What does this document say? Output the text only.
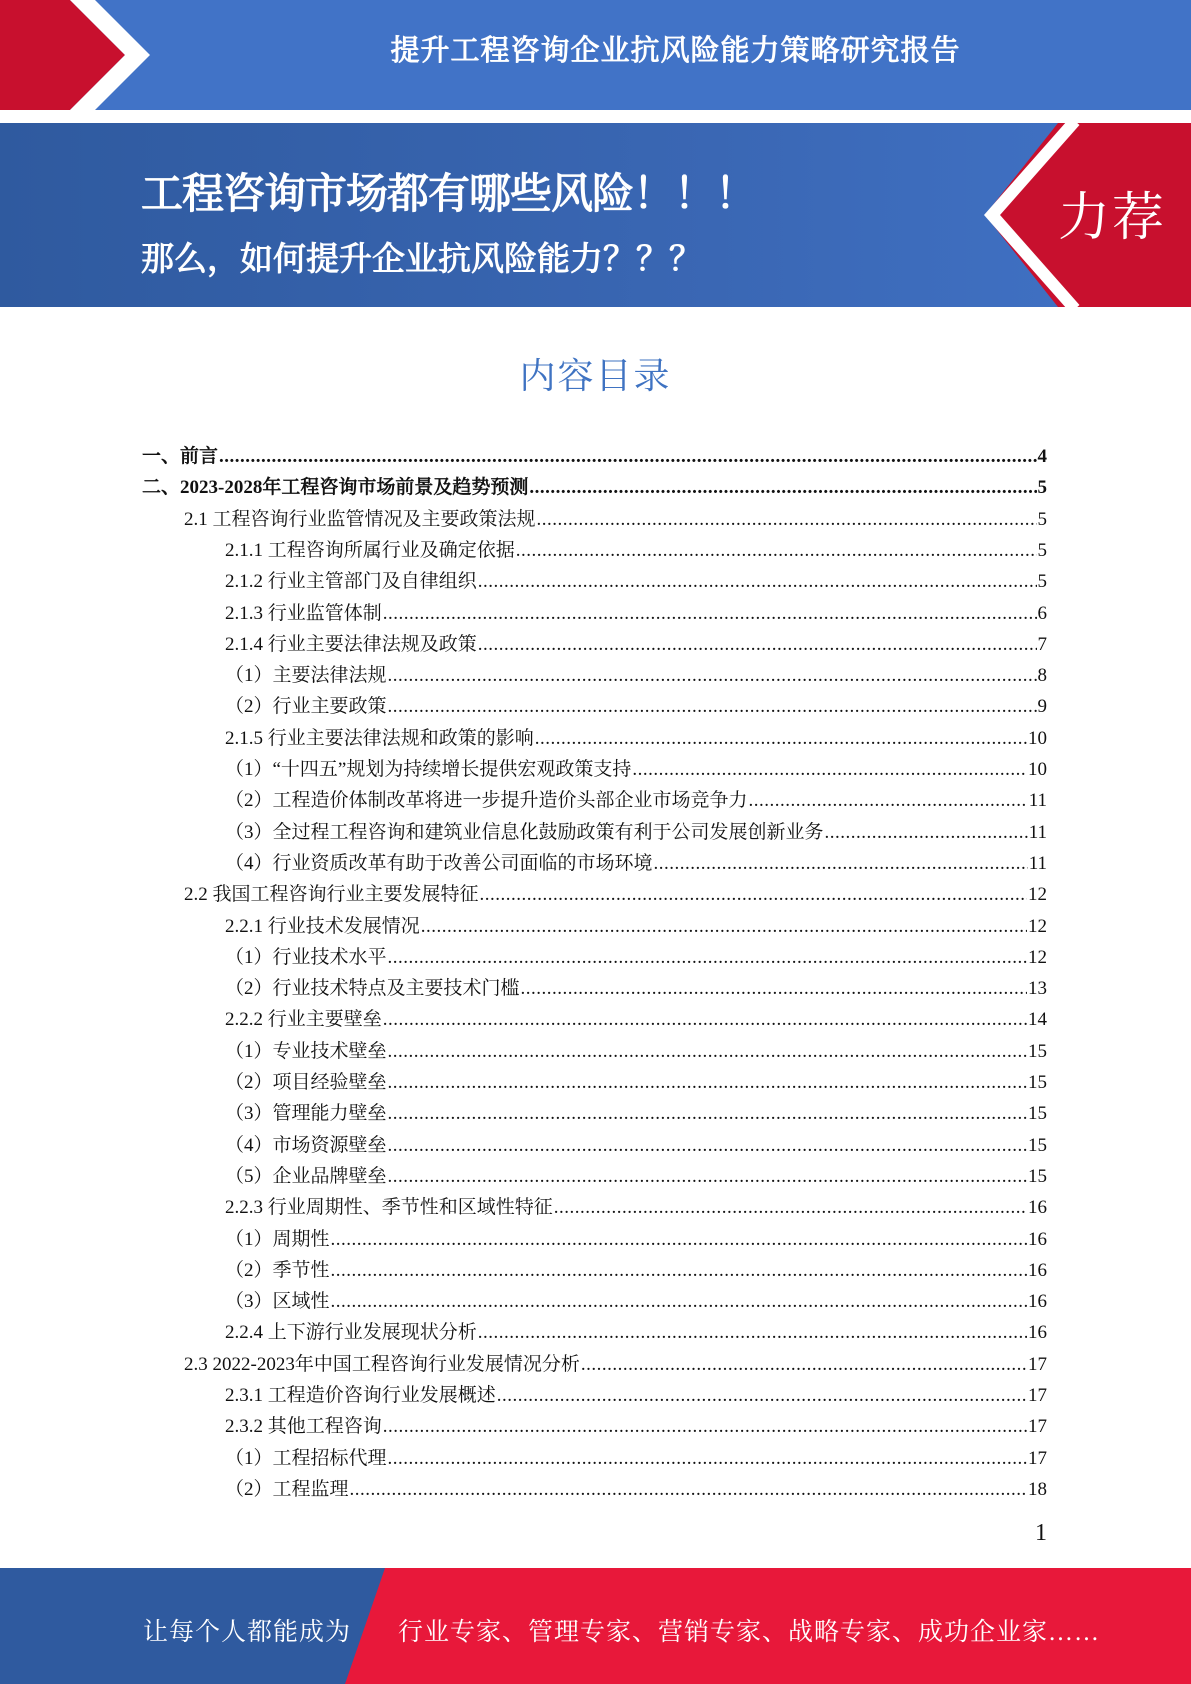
提升工程咨询企业抗风险能力策略研究报告
工程咨询市场都有哪些风险！！！
那么，如何提升企业抗风险能力？？？
力荐
内容目录
一、前言 .....	4
二、2023-2028年工程咨询市场前景及趋势预测 .....	5
2.1 工程咨询行业监管情况及主要政策法规 .....	5
2.1.1 工程咨询所属行业及确定依据 .....	5
2.1.2 行业主管部门及自律组织 .....	5
2.1.3 行业监管体制 .....	6
2.1.4 行业主要法律法规及政策 .....	7
（1）主要法律法规 .....	8
（2）行业主要政策 .....	9
2.1.5 行业主要法律法规和政策的影响 .....	10
（1）“十四五”规划为持续增长提供宏观政策支持 .....	10
（2）工程造价体制改革将进一步提升造价头部企业市场竞争力 .....	11
（3）全过程工程咨询和建筑业信息化鼓励政策有利于公司发展创新业务 .....	11
（4）行业资质改革有助于改善公司面临的市场环境 .....	11
2.2 我国工程咨询行业主要发展特征 .....	12
2.2.1 行业技术发展情况 .....	12
（1）行业技术水平 .....	12
（2）行业技术特点及主要技术门槛 .....	13
2.2.2 行业主要壁垒 .....	14
（1）专业技术壁垒 .....	15
（2）项目经验壁垒 .....	15
（3）管理能力壁垒 .....	15
（4）市场资源壁垒 .....	15
（5）企业品牌壁垒 .....	15
2.2.3 行业周期性、季节性和区域性特征 .....	16
（1）周期性 .....	16
（2）季节性 .....	16
（3）区域性 .....	16
2.2.4 上下游行业发展现状分析 .....	16
2.3 2022-2023年中国工程咨询行业发展情况分析 .....	17
2.3.1 工程造价咨询行业发展概述 .....	17
2.3.2 其他工程咨询 .....	17
（1）工程招标代理 .....	17
（2）工程监理 .....	18
1
让每个人都能成为 行业专家、管理专家、营销专家、战略专家、成功企业家……
